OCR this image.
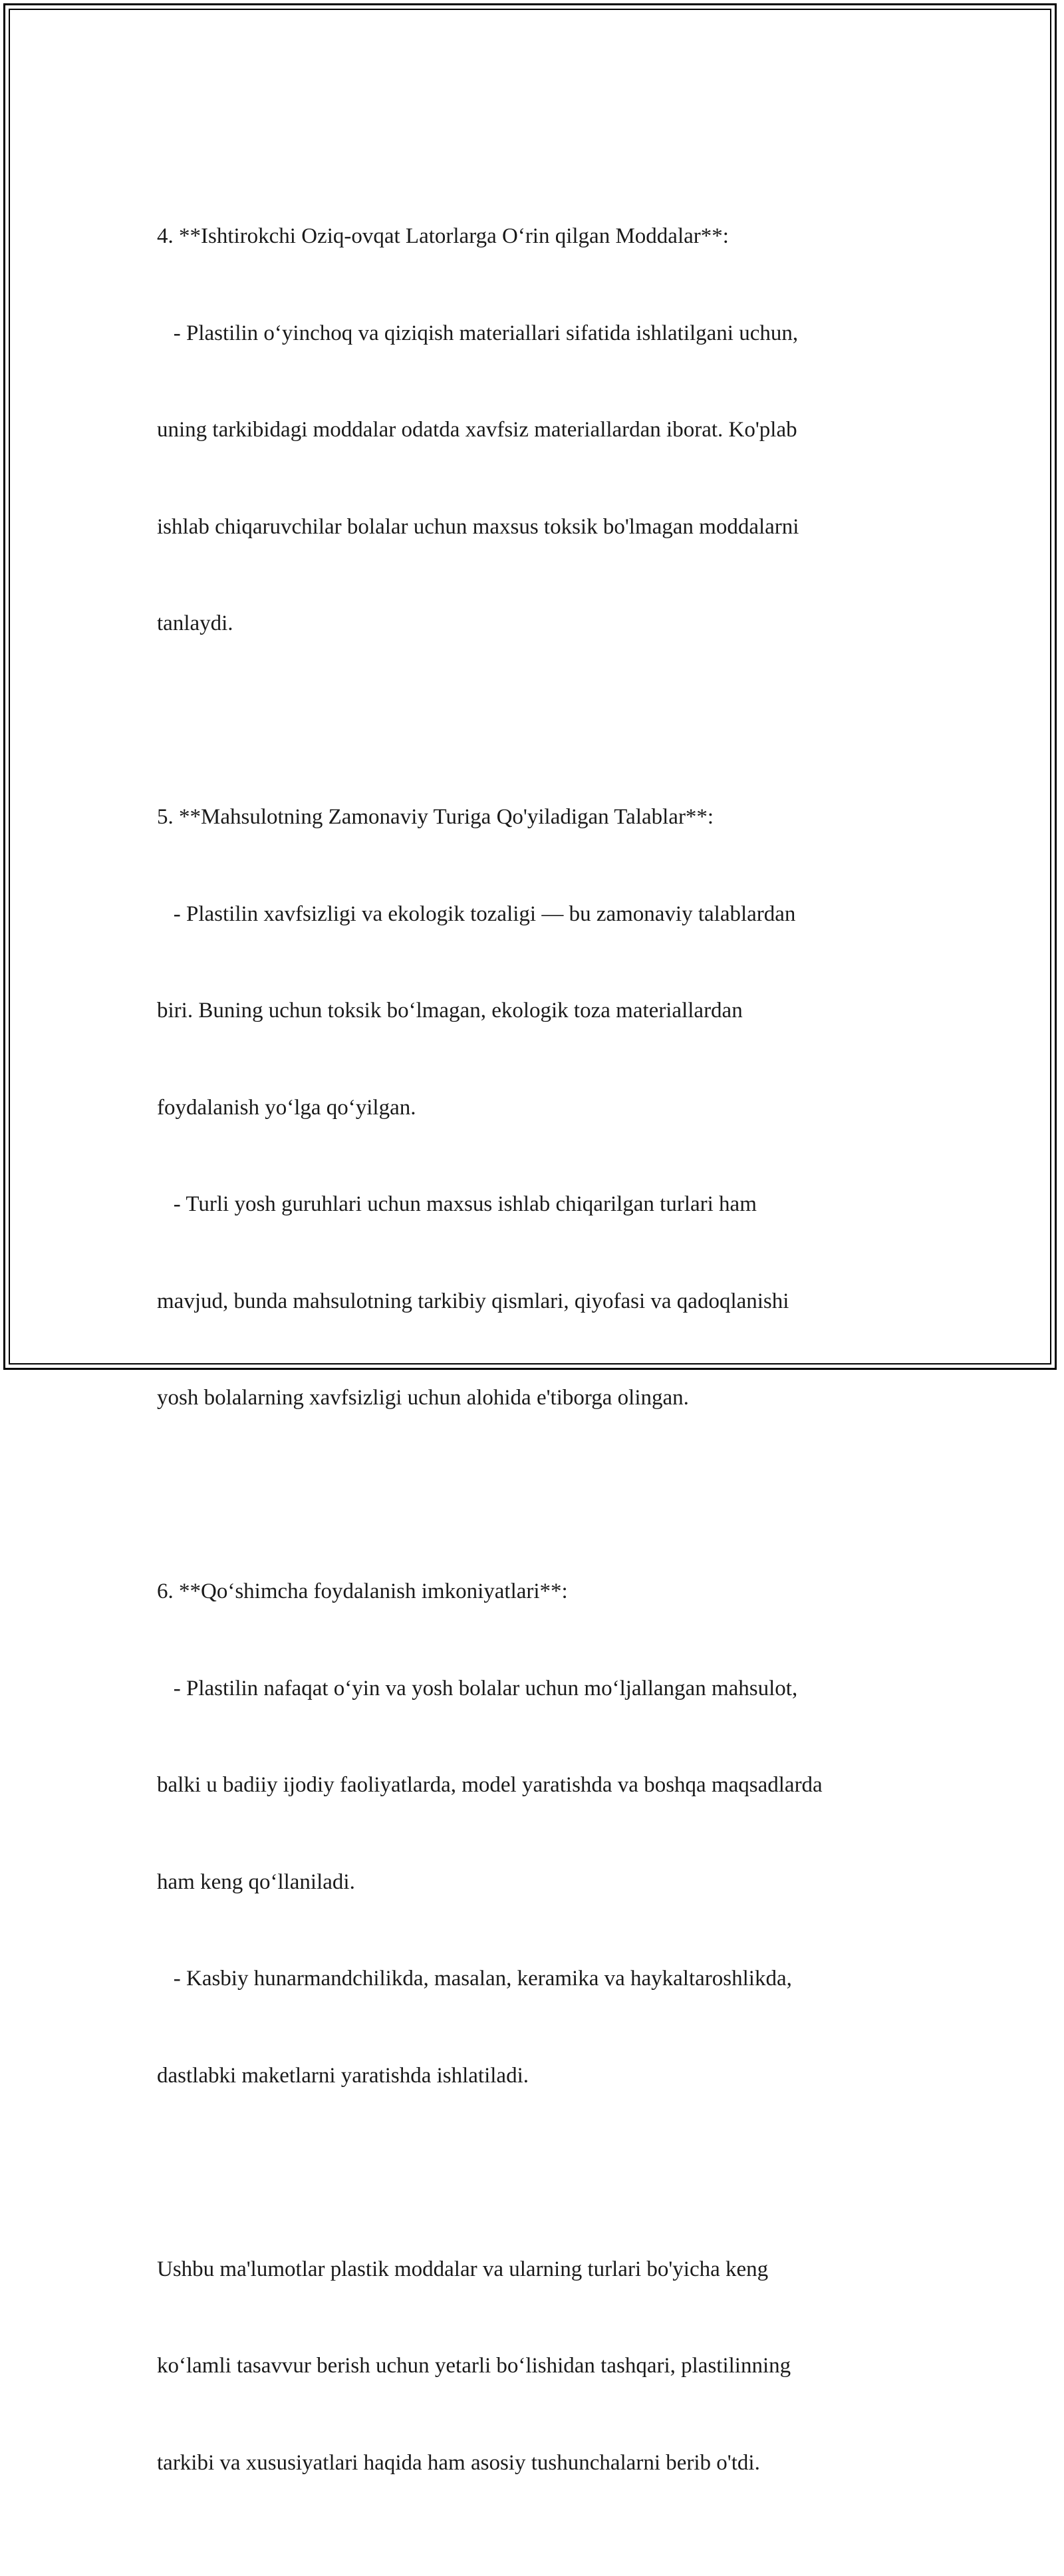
4. **Ishtirokchi Oziq-ovqat Latorlarga O‘rin qilgan Moddalar**:

- Plastilin o‘yinchoq va qiziqish materiallari sifatida ishlatilgani uchun,

uning tarkibidagi moddalar odatda xavfsiz materiallardan iborat. Ko'plab

ishlab chiqaruvchilar bolalar uchun maxsus toksik bo'lmagan moddalarni

tanlaydi.

5. **Mahsulotning Zamonaviy Turiga Qo'yiladigan Talablar**:

- Plastilin xavfsizligi va ekologik tozaligi — bu zamonaviy talablardan

biri. Buning uchun toksik bo‘lmagan, ekologik toza materiallardan

foydalanish yo‘lga qo‘yilgan.

- Turli yosh guruhlari uchun maxsus ishlab chiqarilgan turlari ham

mavjud, bunda mahsulotning tarkibiy qismlari, qiyofasi va qadoqlanishi

yosh bolalarning xavfsizligi uchun alohida e'tiborga olingan.

6. **Qo‘shimcha foydalanish imkoniyatlari**:

- Plastilin nafaqat o‘yin va yosh bolalar uchun mo‘ljallangan mahsulot,

balki u badiiy ijodiy faoliyatlarda, model yaratishda va boshqa maqsadlarda

ham keng qo‘llaniladi.

- Kasbiy hunarmandchilikda, masalan, keramika va haykaltaroshlikda,

dastlabki maketlarni yaratishda ishlatiladi.

Ushbu ma'lumotlar plastik moddalar va ularning turlari bo'yicha keng

ko‘lamli tasavvur berish uchun yetarli bo‘lishidan tashqari, plastilinning

tarkibi va xususiyatlari haqida ham asosiy tushunchalarni berib o'tdi.
